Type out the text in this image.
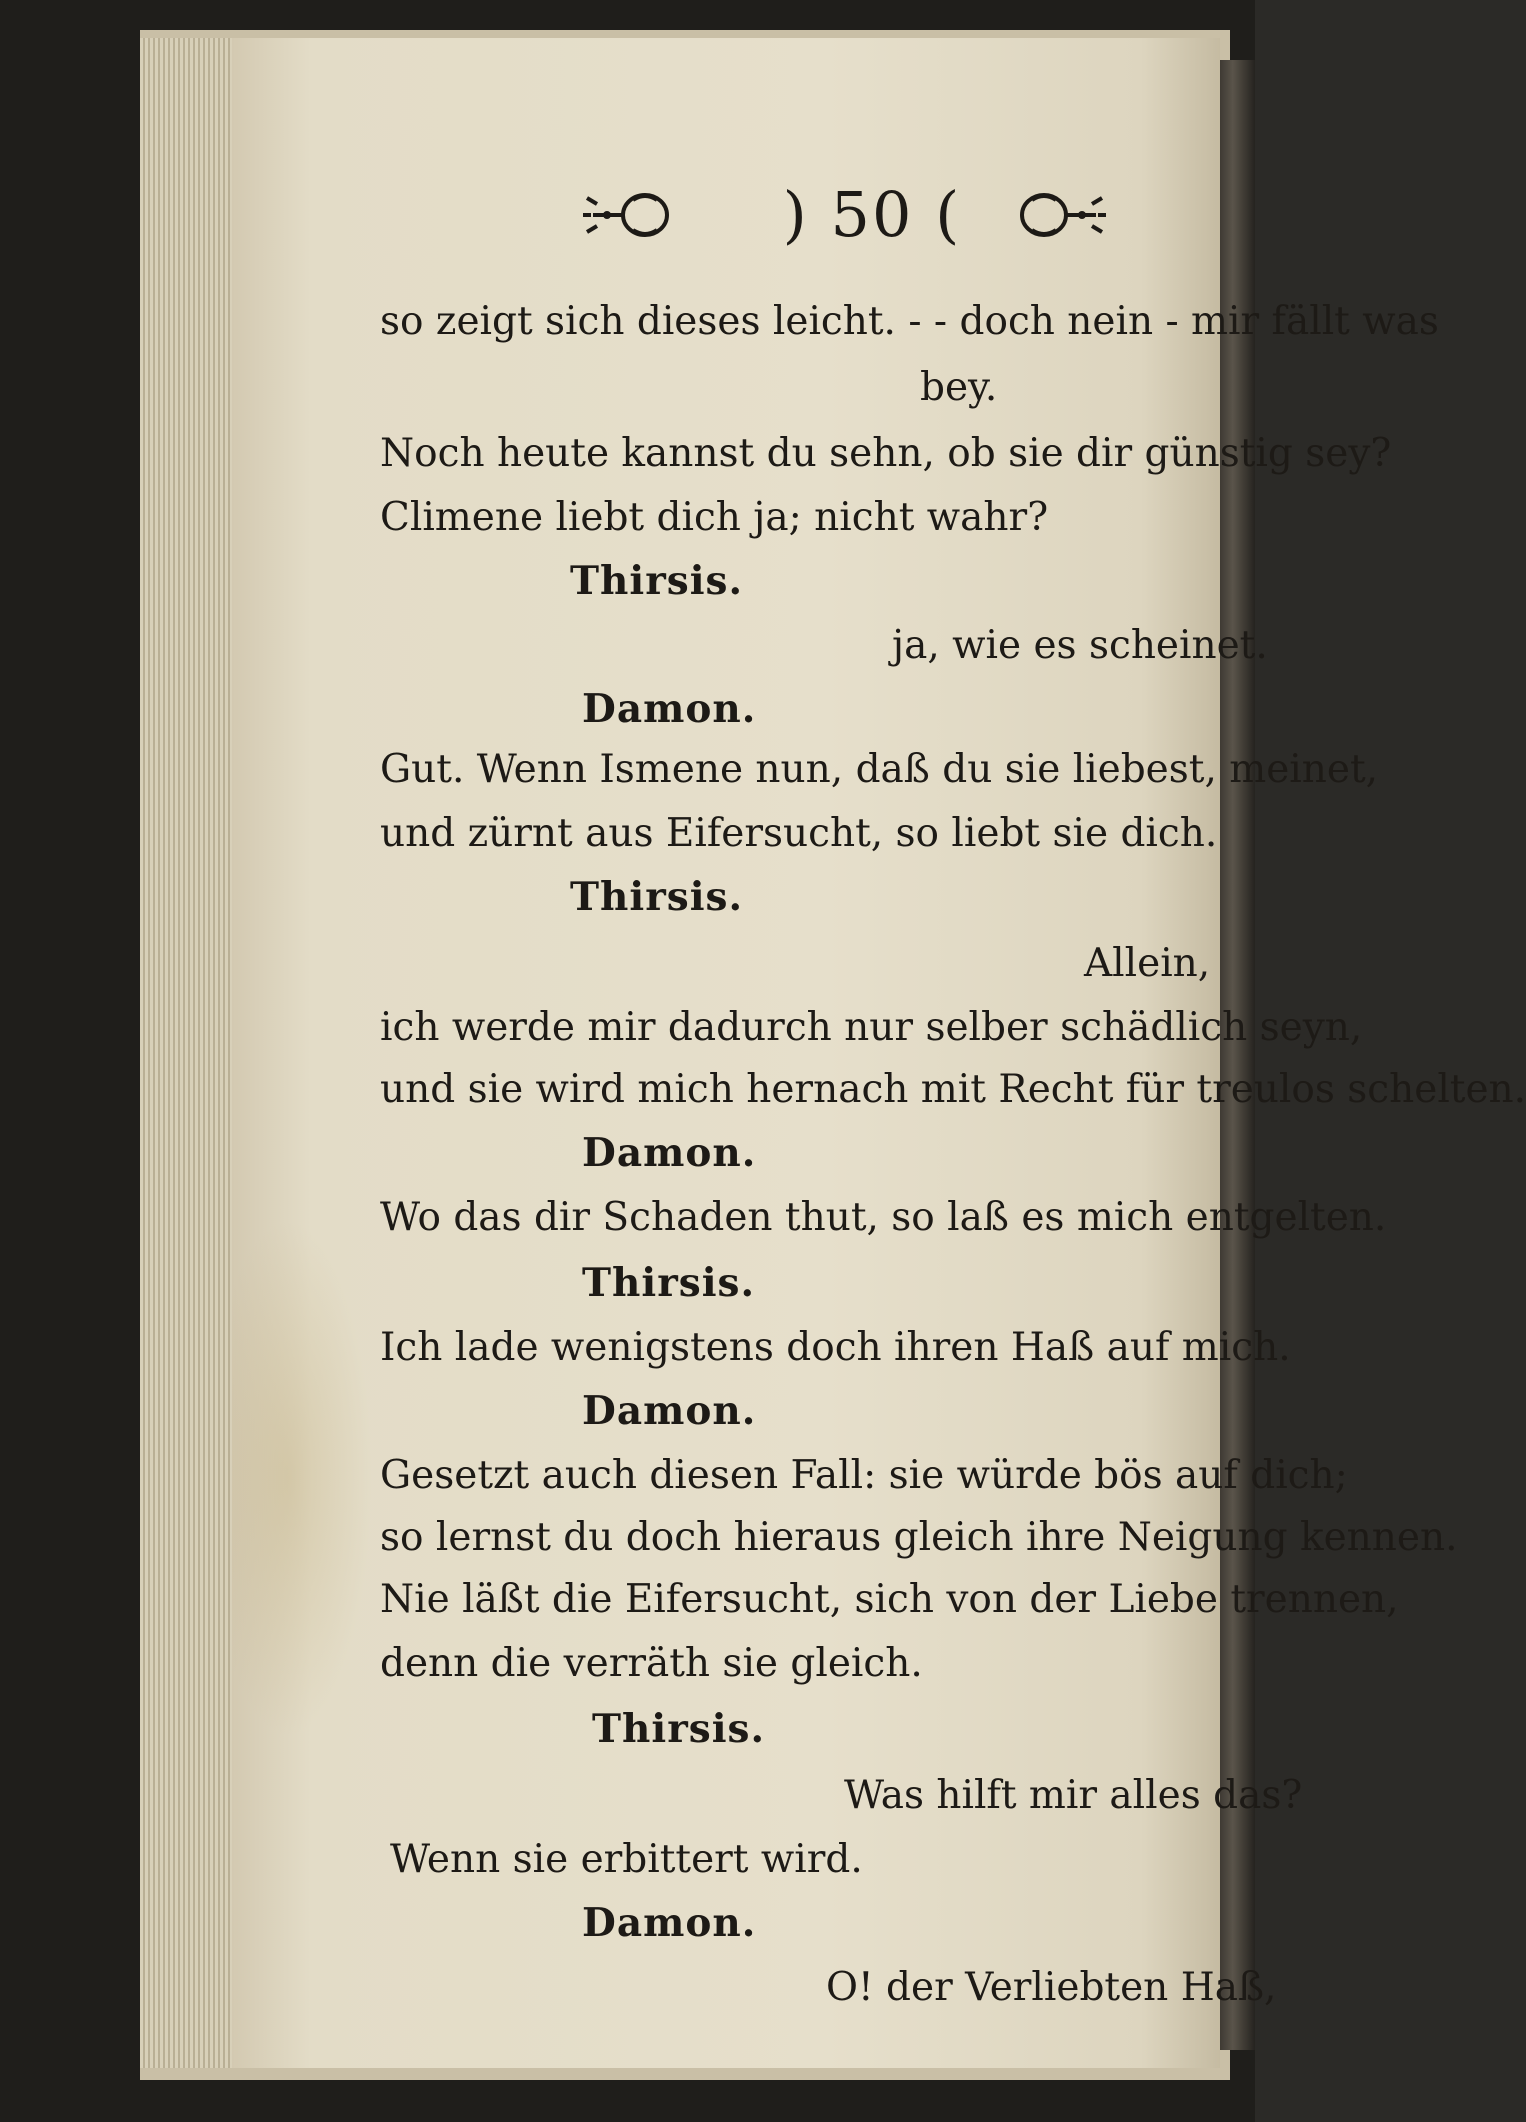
) 50 (
so zeigt sich dieses leicht. - - doch nein - mir fällt was
bey.
Noch heute kannst du sehn, ob sie dir günstig sey?
Climene liebt dich ja; nicht wahr?
Thirsis.
ja, wie es scheinet.
Damon.
Gut. Wenn Ismene nun, daß du sie liebest, meinet,
und zürnt aus Eifersucht, so liebt sie dich.
Thirsis.
Allein,
ich werde mir dadurch nur selber schädlich seyn,
und sie wird mich hernach mit Recht für treulos schelten.
Damon.
Wo das dir Schaden thut, so laß es mich entgelten.
Thirsis.
Ich lade wenigstens doch ihren Haß auf mich.
Damon.
Gesetzt auch diesen Fall: sie würde bös auf dich;
so lernst du doch hieraus gleich ihre Neigung kennen.
Nie läßt die Eifersucht, sich von der Liebe trennen,
denn die verräth sie gleich.
Thirsis.
Was hilft mir alles das?
Wenn sie erbittert wird.
Damon.
O! der Verliebten Haß,
